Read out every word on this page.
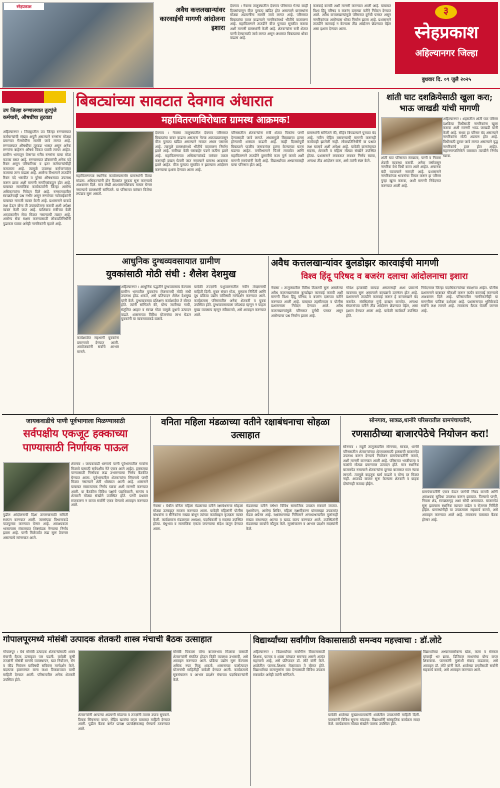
स्नेहप्रकाश	अवैध कत्तलखान्यांवर कारवाईची मागणी आंदोलना इशारा
देवगाव । नेवासा तालुक्यातील देवगाव परिसरात गेल्या काही दिवसांपासून वीज पुरवठा खंडित होत असल्याने ग्रामस्थांना मोठ्या अडचणींना सामोरे जावे लागत आहे. परिसरात बिबट्यांचा वावर वाढल्याने नागरिकांमध्ये भीतीचे वातावरण आहे. महावितरणने तातडीने वीज पुरवठा सुरळीत करावा अशी मागणी ग्रामस्थांनी केली आहे. शेतकऱ्यांना रात्री शेतात पाणी देण्यासाठी जावे लागत असून अंधारात बिबट्याचा धोका वाढला आहे.
कारवाई करावी अशी मागणी करण्यात आली आहे. याबाबत विश्व हिंदू परिषद व बजरंग दलाच्या वतीने निवेदन देण्यात आले. अवैध कत्तलखान्यांमुळे परिसरात दुर्गंधी पसरत असून नागरिकांच्या आरोग्यास धोका निर्माण झाला आहे. प्रशासनाने तातडीने कारवाई न केल्यास तीव्र आंदोलन छेडण्यात येईल असा इशारा देण्यात आला.
३
स्नेहप्रकाश
अहिल्यानगर जिल्हा
बुधवार दि. ०९ जुलै २०२५
उप जिल्हा रुग्णालयात तुटपुंजे कर्मचारी, औषधींचा तुटवडा
अहिल्यानगर । जिल्ह्यातील उप जिल्हा रुग्णालयात कर्मचाऱ्यांची संख्या अपुरी असल्याने रुग्णांना मोठ्या प्रमाणात गैरसोयींना सामोरे जावे लागत आहे. रुग्णालयात औषधींचा तुटवडा भासत असून अनेक रुग्णांना बाहेरून औषधे विकत घ्यावी लागत आहेत. ग्रामीण भागातून येणाऱ्या गरीब रुग्णांना याचा मोठा फटका बसत आहे. रुग्णालयात डॉक्टरांची अनेक पदे रिक्त असून परिचारिका व इतर कर्मचाऱ्यांचीही कमतरता आहे. त्यामुळे उपलब्ध कर्मचाऱ्यांवर कामाचा ताण वाढला आहे. आरोग्य विभागाने तातडीने रिक्त पदे भरावीत व पुरेसा औषधसाठा उपलब्ध करून द्यावा अशी मागणी नागरिकांकडून होत आहे. याबाबत सामाजिक कार्यकर्त्यांनी जिल्हा आरोग्य अधिकाऱ्यांना निवेदन दिले आहे. रुग्णालयातील स्वच्छतेचाही प्रश्न गंभीर असून रुग्णांच्या नातेवाईकांनी याबाबत नाराजी व्यक्त केली आहे. प्रशासनाने याकडे लक्ष देऊन योग्य ती उपाययोजना करावी अशी अपेक्षा व्यक्त केली जात आहे. याशिवाय रात्रीच्या वेळी आपत्कालीन सेवा मिळत नसल्याची तक्रार आहे. आरोग्य सेवा सक्षम करण्यासाठी लोकप्रतिनिधींनी पुढाकार घ्यावा असेही नागरिकांनी म्हटले आहे.
बिबट्यांच्या सावटात देवगाव अंधारात
महावितरणविरोधात ग्रामस्थ आक्रमक!
देवगाव । नेवासा तालुक्यातील देवगाव परिसरात बिबट्यांचा वावर वाढला असताना गेल्या आठवड्यापासून वीज पुरवठा खंडित असल्याने गावात अंधार पसरला आहे. त्यामुळे ग्रामस्थांमध्ये भीतीचे वातावरण निर्माण झाले आहे. रात्रीच्या वेळी घराबाहेर पडणे कठीण झाले आहे. महावितरणच्या अधिकाऱ्यांकडे वारंवार तक्रार करूनही दखल घेतली जात नसल्याने ग्रामस्थ आक्रमक झाले आहेत. वीज पुरवठा सुरळीत न झाल्यास आंदोलन करण्याचा इशारा देण्यात आला आहे.
परिसरातील शेतकऱ्यांना रात्री शेतात पिकांना पाणी देण्यासाठी जावे लागते. अंधारामुळे बिबट्याचा हल्ला होण्याची शक्यता वाढली आहे. काही दिवसांपूर्वी बिबट्याने पाळीव जनावरांवर हल्ला केल्याच्या घटना घडल्या आहेत. वनविभागाने पिंजरे लावावेत आणि महावितरणने तातडीने दुरुस्तीचे काम पूर्ण करावे अशी मागणी सरपंचांनी केली आहे. विद्यार्थ्यांच्या अभ्यासावरही याचा परिणाम होत आहे.
ग्रामस्थांनी सांगितले की, रोहित्र बिघडल्याने पुरवठा बंद आहे. नवीन रोहित्र बसवण्याची मागणी करूनही कार्यवाही झालेली नाही. लोकप्रतिनिधींनी या प्रश्नात लक्ष घालावे अशी अपेक्षा आहे. यावेळी ग्रामपंचायत सदस्य, शेतकरी व महिला मोठ्या संख्येने उपस्थित होत्या. प्रशासनाने लवकरात लवकर निर्णय घ्यावा, अन्यथा तीव्र आंदोलन करू, असे त्यांनी स्पष्ट केले.
महावितरणच्या स्थानिक कार्यालयासमोर ग्रामस्थांनी ठिय्या मांडला. अधिकाऱ्यांनी दोन दिवसांत पुरवठा सुरू करण्याचे आश्वासन दिले. मात्र लेखी आश्वासनाशिवाय माघार घेणार नसल्याचे ग्रामस्थांनी सांगितले. या परिसरात वारंवार विजेचा लपंडाव सुरू असतो.
शांती घाट दशक्रियेसाठी खुला करा; भाऊ जाखडी यांची मागणी
अहिल्यानगर । शहरातील शांती घाट परिसर दशक्रिया विधीसाठी नागरिकांना खुला करावा अशी मागणी भाऊ जाखडी यांनी केली आहे. सध्या हा परिसर बंद असल्याने नागरिकांना मोठी अडचण होत आहे. विधीसाठी दूरवर जावे लागत असल्याने वृद्ध नागरिकांचे हाल होत आहेत. महानगरपालिकेने याबाबत तातडीने निर्णय घ्यावा.
शांती घाट परिसरात स्वच्छता, पाणी व निवारा शेडची व्यवस्था करावी. अनेक वर्षांपासून नागरिक येथे विधी करत आले आहेत. अचानक बंदी घातल्याने नाराजी आहे. प्रशासनाने नागरिकांच्या भावनांचा विचार करून हा परिसर पुन्हा खुला करावा, अशी मागणी निवेदनात करण्यात आली आहे.
आधुनिक दुग्धव्यवसायात ग्रामीण
युवकांसाठी मोठी संधी : शैलेश देशमुख
अहिल्यानगर । आधुनिक पद्धतीने दुग्धव्यवसाय केल्यास ग्रामीण भागातील युवकांना रोजगाराची मोठी संधी उपलब्ध होऊ शकते, असे प्रतिपादन शैलेश देशमुख यांनी केले. दुग्धव्यवसाय प्रशिक्षण कार्यशाळेत ते बोलत होते. त्यांनी सांगितले की, योग्य जातीच्या गायी, संतुलित आहार व स्वच्छ गोठा यामुळे दुधाचे उत्पादन वाढते. शासनाच्या विविध योजनांचा लाभ घेऊन युवकांनी या व्यवसायाकडे वळावे.
यावेळी तज्ज्ञांनी पशुपालनातील नवीन तंत्रज्ञानाची माहिती दिली. मुक्त संचार गोठा, मुरघास निर्मिती आणि दूध प्रक्रिया उद्योग यांविषयी मार्गदर्शन करण्यात आले. कार्यक्रमास परिसरातील अनेक शेतकरी व युवक उपस्थित होते. दुग्धव्यवसायाला जोडधंदा म्हणून न पाहता मुख्य व्यवसाय म्हणून स्वीकारावे, असे आवाहन करण्यात आले.
कार्यशाळेत सहभागी युवकांना प्रमाणपत्रे देण्यात आली. आयोजकांनी सर्वांचे आभार मानले.
अवैध कत्तलखान्यांवर बुलडोझर कारवाईची मागणी
विश्व हिंदू परिषद व बजरंग दलाचा आंदोलनाचा इशारा
नेवासा । तालुक्यातील विविध ठिकाणी सुरू असलेल्या अवैध कत्तलखान्यांवर बुलडोझर कारवाई करावी अशी मागणी विश्व हिंदू परिषद व बजरंग दलाच्या वतीने करण्यात आली आहे. याबाबत तहसीलदार व पोलीस प्रशासनाला निवेदन देण्यात आले. अवैध कत्तलखान्यांमुळे परिसरात दुर्गंधी पसरत असून आरोग्याचा प्रश्न निर्माण झाला आहे.
गोवंश हत्याबंदी कायदा असतानाही अशा प्रकारचे व्यवसाय सुरू असल्याने कायद्याचे उल्लंघन होत आहे. प्रशासनाने तातडीने कारवाई करून हे कत्तलखाने बंद करावेत. संबंधितांवर गुन्हे दाखल करावेत. अन्यथा संघटनांच्या वतीने तीव्र आंदोलन छेडण्यात येईल, असा इशारा देण्यात आला आहे. यावेळी कार्यकर्ते उपस्थित होते.
निवेदनावर जिल्हा पदाधिकाऱ्यांच्या स्वाक्षऱ्या आहेत. पोलीस प्रशासनाने याबाबत चौकशी करून कठोर कारवाई करण्याचे आश्वासन दिले आहे. परिसरातील नागरिकांनीही या मागणीला पाठिंबा दर्शवला आहे. प्रशासनाच्या भूमिकेकडे सर्वांचे लक्ष लागले आहे. लवकरच बैठक घेतली जाणार आहे.
जायकवाडीचे पाणी पूर्वभागाला मिळण्यासाठी
सर्वपक्षीय एकजूट हक्काच्या पाण्यासाठी निर्णायक पाऊल
शेवगाव । जायकवाडी धरणाचे पाणी पूर्वभागातील गावांना मिळावे यासाठी सर्वपक्षीय नेते एकत्र आले आहेत. हक्काच्या पाण्यासाठी निर्णायक लढा उभारण्याचा निर्णय बैठकीत घेण्यात आला. पूर्वभागातील शेतकऱ्यांना सिंचनाचे पाणी मिळत नसल्याने शेती धोक्यात आली आहे. शासनाने याबाबत सकारात्मक निर्णय घ्यावा अशी मागणी करण्यात आली. या बैठकीस विविध पक्षांचे पदाधिकारी, सरपंच व शेतकरी मोठ्या संख्येने उपस्थित होते. पाणी प्रश्नावर राजकारण न करता सर्वांनी एकत्र येण्याचे आवाहन करण्यात आले.
पुढील आंदोलनाची दिशा ठरवण्यासाठी समिती स्थापन करण्यात आली. जलसंपदा विभागाकडे पाठपुरावा करण्यात येणार आहे. आवश्यकता भासल्यास मंत्रालयात शिष्टमंडळ नेण्याचा निर्णय झाला आहे. पाणी मिळेपर्यंत लढा सुरू ठेवणार असल्याचे सांगण्यात आले.
वनिता महिला मंडळाच्या वतीने रक्षाबंधनाचा सोहळा उत्साहात
नेवासा । येथील वनिता महिला मंडळाच्या वतीने रक्षाबंधनाचा सोहळा मोठ्या उत्साहात साजरा करण्यात आला. यावेळी महिलांनी पोलीस बांधवांना व सैनिकांना राख्या बांधून त्यांच्या कार्याबद्दल कृतज्ञता व्यक्त केली. कार्यक्रमास मंडळाच्या अध्यक्षा, पदाधिकारी व सदस्या उपस्थित होत्या. बंधुभाव व सामाजिक एकता जपण्याचा संदेश यातून देण्यात आला.
मंडळाच्या वतीने वर्षभर विविध सामाजिक उपक्रम राबवले जातात. वृक्षारोपण, आरोग्य शिबिर, महिला सक्षमीकरण यांसारख्या उपक्रमांत मंडळ अग्रेसर आहे. रक्षाबंधनाच्या निमित्ताने अनाथाश्रमातील मुलांनाही राख्या बांधण्यात आल्या व खाऊ वाटप करण्यात आले. उपस्थितांनी मंडळाच्या कार्याचे कौतुक केले. सूत्रसंचालन व आभार प्रदर्शन सदस्यांनी केले.
सोनगाव, सात्रळ,धानोरे परिसरातील ग्रामपंचायतीने,
रणसाठीच्या बाजारपेठेचे नियोजन करा!
सोनगाव । राहुरी तालुक्यातील सोनगाव, सात्रळ, धानोरे परिसरातील शेतकऱ्यांच्या शेतमालासाठी हक्काची बाजारपेठ उपलब्ध करून देण्याचे नियोजन ग्रामपंचायतींनी करावे, अशी मागणी करण्यात आली आहे. परिसरात भाजीपाला व फळांचे मोठ्या प्रमाणावर उत्पादन होते. मात्र स्थानिक बाजारपेठ नसल्याने शेतकऱ्यांना दूरच्या बाजारात माल न्यावा लागतो. त्यामुळे वाहतूक खर्च वाढतो व योग्य दर मिळत नाही. आठवडे बाजार सुरू केल्यास शेतकरी व ग्राहक दोघांनाही फायदा होईल.
ग्रामपंचायतींनी एकत्र येऊन जागेची निवड करावी आणि आवश्यक सुविधा उपलब्ध करून द्याव्यात. पिण्याचे पाणी, निवारा शेड, स्वच्छतागृह अशा सोयी असाव्यात. बाजारपेठ सुरू झाल्यास स्थानिक व्यापार वाढेल व रोजगार निर्मिती होईल. ग्रामस्थांनीही या उपक्रमाला सहकार्य करावे, असे आवाहन करण्यात आले आहे. लवकरच याबाबत बैठक होणार आहे.
गोपालपूरमध्ये मोसंबी उत्पादक शेतकरी शास्त्र मंचाची बैठक उत्साहात
गोपालपूर । येथे मोसंबी उत्पादक शेतकऱ्यांसाठी शास्त्र मंचाची बैठक उत्साहात पार पडली. यावेळी कृषी तज्ज्ञांनी मोसंबी बागांचे व्यवस्थापन, खत नियोजन, रोग व कीड नियंत्रण याविषयी सविस्तर मार्गदर्शन केले. बदलत्या हवामानात बागा कशा टिकवाव्यात याची माहिती देण्यात आली. परिसरातील अनेक शेतकरी उपस्थित होते.
शेतकऱ्यांनी आपल्या अडचणी मांडल्या व तज्ज्ञांनी त्यावर उपाय सुचवले. ठिबक सिंचनाचा वापर, सेंद्रिय खतांचा वापर याबाबत माहिती देण्यात आली. पुढील बैठक बागेत प्रत्यक्ष प्रात्यक्षिकासह घेण्याचे ठरवण्यात आले.
मोसंबी पिकाला योग्य बाजारभाव मिळावा यासाठी शेतकऱ्यांनी संघटित होऊन विक्री व्यवस्था उभारावी, असे आवाहन करण्यात आले. प्रक्रिया उद्योग सुरू केल्यास अधिक नफा मिळू शकतो. शासनाच्या फलोत्पादन योजनांची माहितीही यावेळी देण्यात आली. कार्यक्रमाचे सूत्रसंचालन व आभार प्रदर्शन मंचाच्या पदाधिकाऱ्यांनी केले.
विद्यार्थ्यांच्या सर्वांगीण विकासासाठी समन्वय महत्त्वाचा : डॉ.लोटे
अहिल्यानगर । विद्यार्थ्यांच्या सर्वांगीण विकासासाठी शिक्षक, पालक व शाळा यांच्यात समन्वय असणे अत्यंत महत्त्वाचे आहे, असे प्रतिपादन डॉ. लोटे यांनी केले. शाळेतील पालक-शिक्षक मेळाव्यात ते बोलत होते. विद्यार्थ्यांच्या कलागुणांना वाव देण्यासाठी विविध उपक्रम राबवावेत असेही त्यांनी सांगितले.
यावेळी शाळेच्या मुख्याध्यापकांनी शाळेतील उपक्रमांची माहिती दिली. पालकांनी विविध सूचना मांडल्या. विद्यार्थ्यांनी सांस्कृतिक कार्यक्रम सादर केले. कार्यक्रमास मोठ्या संख्येने पालक उपस्थित होते.
विद्यार्थ्यांच्या अभ्यासाबरोबरच खेळ, कला व संस्कार यांवरही भर द्यावा. डिजिटल साधनांचा योग्य वापर शिकवावा. पालकांनी मुलांशी संवाद वाढवावा, असे आवाहन डॉ. लोटे यांनी केले. शाळेच्या प्रगतीसाठी सर्वांनी सहकार्य करावे, असे आवाहन करण्यात आले.
